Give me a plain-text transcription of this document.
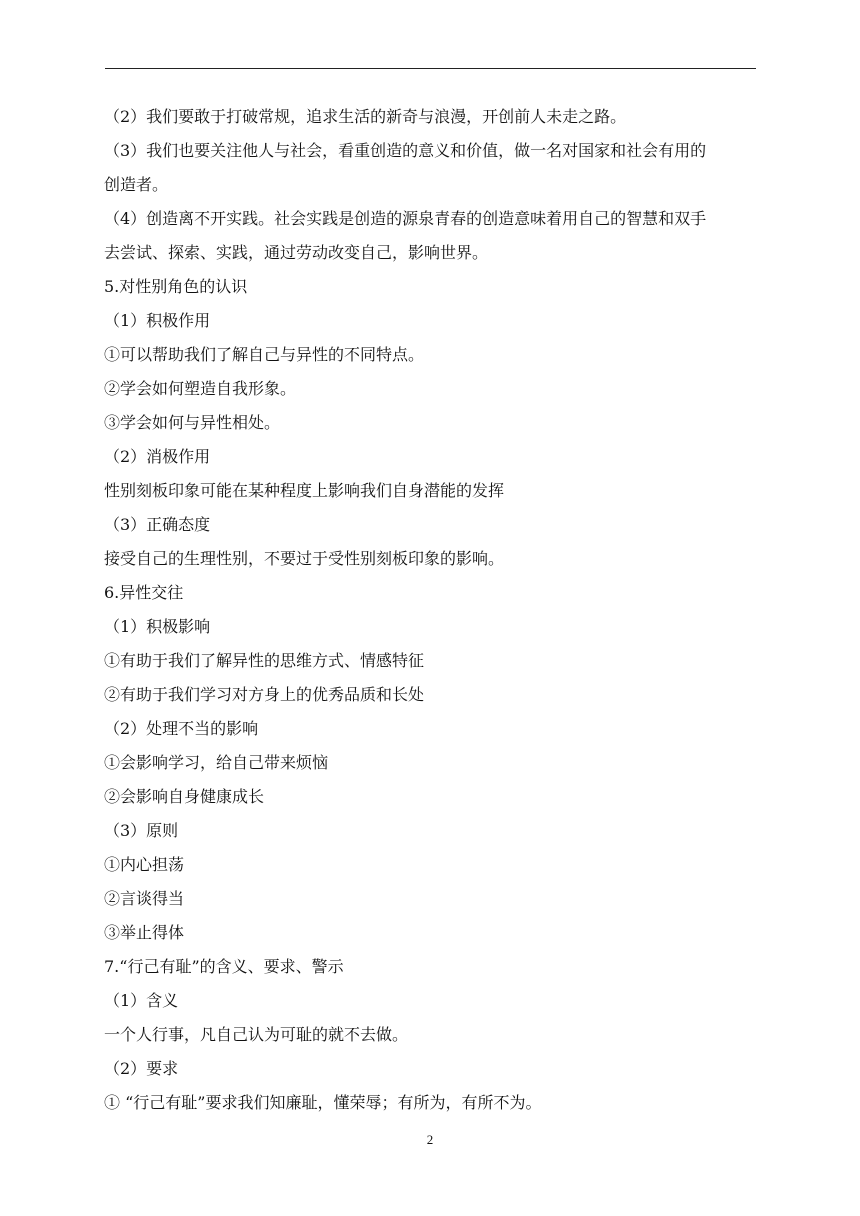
（2）我们要敢于打破常规，追求生活的新奇与浪漫，开创前人未走之路。
（3）我们也要关注他人与社会，看重创造的意义和价值，做一名对国家和社会有用的
创造者。
（4）创造离不开实践。社会实践是创造的源泉青春的创造意味着用自己的智慧和双手
去尝试、探索、实践，通过劳动改变自己，影响世界。
5.对性别角色的认识
（1）积极作用
①可以帮助我们了解自己与异性的不同特点。
②学会如何塑造自我形象。
③学会如何与异性相处。
（2）消极作用
性别刻板印象可能在某种程度上影响我们自身潜能的发挥
（3）正确态度
接受自己的生理性别，不要过于受性别刻板印象的影响。
6.异性交往
（1）积极影响
①有助于我们了解异性的思维方式、情感特征
②有助于我们学习对方身上的优秀品质和长处
（2）处理不当的影响
①会影响学习，给自己带来烦恼
②会影响自身健康成长
（3）原则
①内心担荡
②言谈得当
③举止得体
7.“行己有耻”的含义、要求、警示
（1）含义
一个人行事，凡自己认为可耻的就不去做。
（2）要求
① “行己有耻”要求我们知廉耻，懂荣辱；有所为，有所不为。
2
